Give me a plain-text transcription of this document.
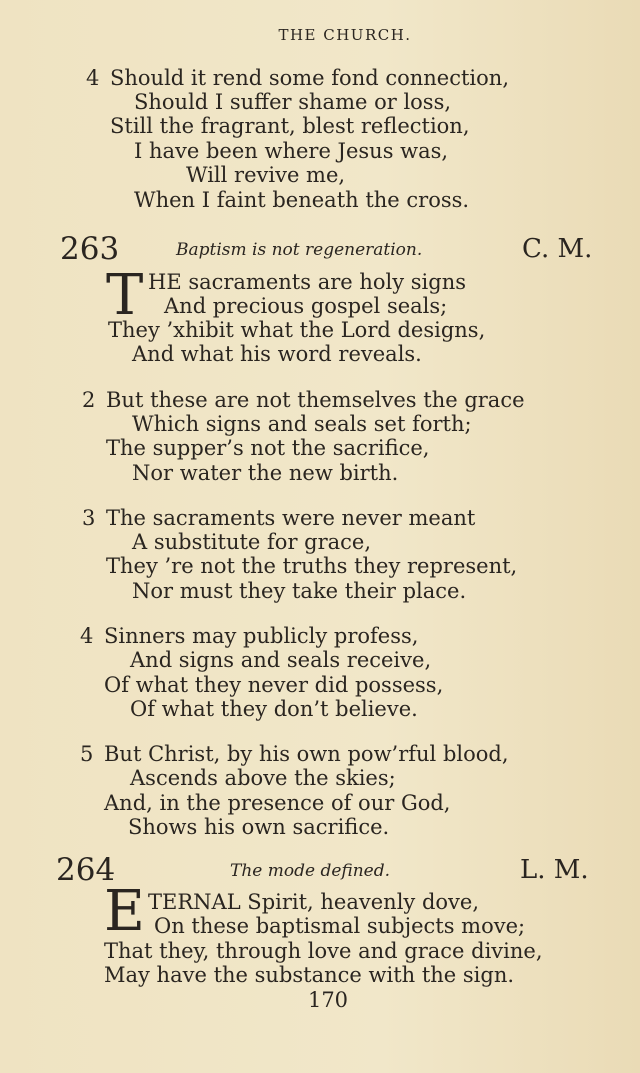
THE CHURCH.
4 Should it rend some fond connection,
Should I suffer shame or loss,
Still the fragrant, blest reflection,
I have been where Jesus was,
Will revive me,
When I faint beneath the cross.
263	Baptism is not regeneration.	C. M.
T HE sacraments are holy signs
And precious gospel seals;
They ’xhibit what the Lord designs,
And what his word reveals.
2 But these are not themselves the grace
Which signs and seals set forth;
The supper’s not the sacrifice,
Nor water the new birth.
3 The sacraments were never meant
A substitute for grace,
They ’re not the truths they represent,
Nor must they take their place.
4 Sinners may publicly profess,
And signs and seals receive,
Of what they never did possess,
Of what they don’t believe.
5 But Christ, by his own pow’rful blood,
Ascends above the skies;
And, in the presence of our God,
Shows his own sacrifice.
264	The mode defined.	L. M.
E TERNAL Spirit, heavenly dove,
On these baptismal subjects move;
That they, through love and grace divine,
May have the substance with the sign.
170
